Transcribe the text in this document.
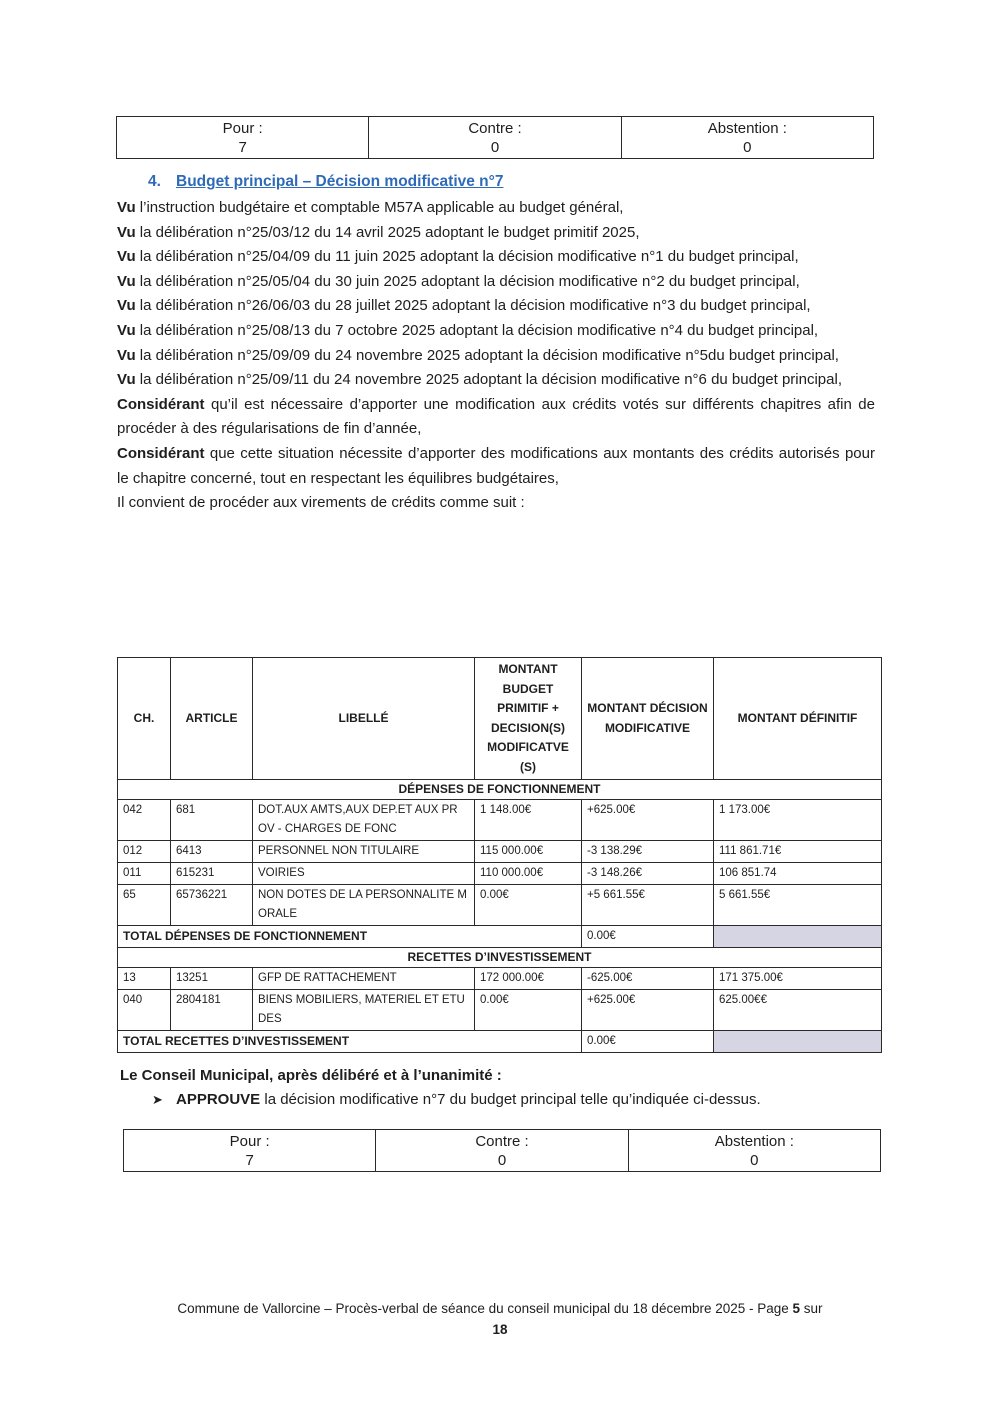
Pour :
7

Contre :
0

Abstention :
0
4. Budget principal – Décision modificative n°7

Vu l’instruction budgétaire et comptable M57A applicable au budget général,

Vu la délibération n°25/03/12 du 14 avril 2025 adoptant le budget primitif 2025,

Vu la délibération n°25/04/09 du 11 juin 2025 adoptant la décision modificative n°1 du budget principal,

Vu la délibération n°25/05/04 du 30 juin 2025 adoptant la décision modificative n°2 du budget principal,

Vu la délibération n°26/06/03 du 28 juillet 2025 adoptant la décision modificative n°3 du budget principal,

Vu la délibération n°25/08/13 du 7 octobre 2025 adoptant la décision modificative n°4 du budget principal,

Vu la délibération n°25/09/09 du 24 novembre 2025 adoptant la décision modificative n°5du budget principal,

Vu la délibération n°25/09/11 du 24 novembre 2025 adoptant la décision modificative n°6 du budget principal,

Considérant qu’il est nécessaire d’apporter une modification aux crédits votés sur différents chapitres afin de procéder à des régularisations de fin d’année,

Considérant que cette situation nécessite d’apporter des modifications aux montants des crédits autorisés pour le chapitre concerné, tout en respectant les équilibres budgétaires,

Il convient de procéder aux virements de crédits comme suit :

CH.	ARTICLE	LIBELLÉ	MONTANT BUDGET PRIMITIF + DECISION(S) MODIFICATVE (S)	MONTANT DÉCISION MODIFICATIVE	MONTANT DÉFINITIF
DÉPENSES DE FONCTIONNEMENT					
042	681	DOT.AUX AMTS,AUX DEP.ET AUX PR OV - CHARGES DE FONC	1 148.00€	+625.00€	1 173.00€
012	6413	PERSONNEL NON TITULAIRE	115 000.00€	-3 138.29€	111 861.71€
011	615231	VOIRIES	110 000.00€	-3 148.26€	106 851.74
65	65736221	NON DOTES DE LA PERSONNALITE M ORALE	0.00€	+5 661.55€	5 661.55€
TOTAL DÉPENSES DE FONCTIONNEMENT				0.00€	
RECETTES D’INVESTISSEMENT					
13	13251	GFP DE RATTACHEMENT	172 000.00€	-625.00€	171 375.00€
040	2804181	BIENS MOBILIERS, MATERIEL ET ETU DES	0.00€	+625.00€	625.00€€
TOTAL RECETTES D’INVESTISSEMENT				0.00€	
Le Conseil Municipal, après délibéré et à l’unanimité :
➤ APPROUVE la décision modificative n°7 du budget principal telle qu’indiquée ci-dessus.
Pour :
7

Contre :
0

Abstention :
0
Commune de Vallorcine – Procès-verbal de séance du conseil municipal du 18 décembre 2025 - Page 5 sur
18
